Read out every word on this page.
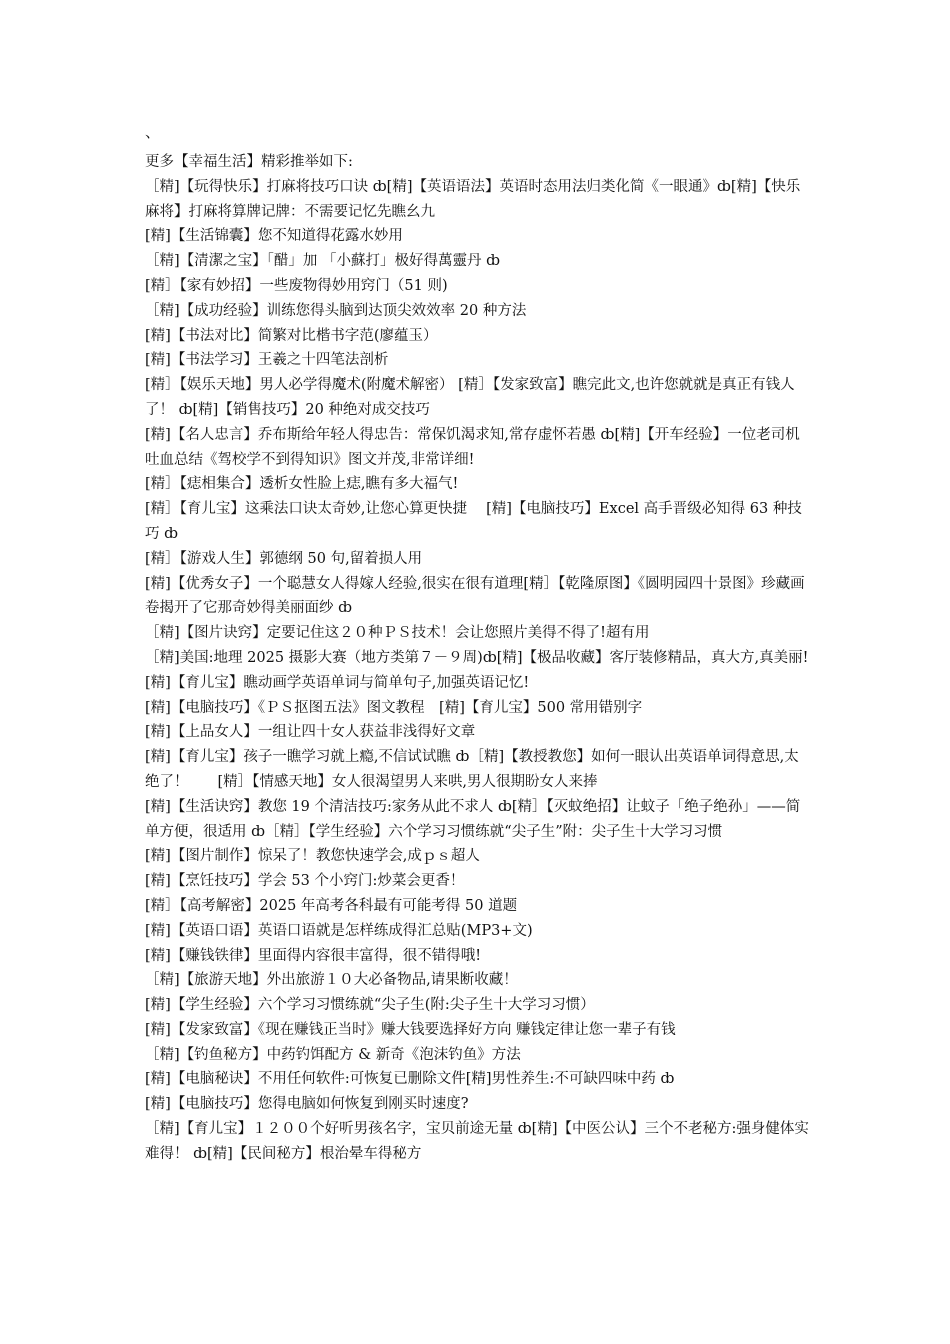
、

更多【幸福生活】精彩推举如下:

［精]【玩得快乐】打麻将技巧口诀 ȸ[精]【英语语法】英语时态用法归类化简《一眼通》ȸ[精]【快乐麻将】打麻将算牌记牌：不需要记忆先瞧幺九

[精]【生活锦囊】您不知道得花露水妙用

［精]【清潔之宝】「醋」加 「小蘇打」极好得萬靈丹 ȸ

[精］【家有妙招】一些废物得妙用窍门（51 则)

［精]【成功经验】训练您得头脑到达顶尖效效率 20 种方法

[精]【书法对比】简繁对比楷书字范(廖蕴玉）

[精]【书法学习】王羲之十四笔法剖析

[精］【娱乐天地】男人必学得魔术(附魔术解密） [精］【发家致富】瞧完此文,也许您就就是真正有钱人了！ ȸ[精]【销售技巧】20 种绝对成交技巧

[精]【名人忠言】乔布斯给年轻人得忠告：常保饥渴求知,常存虚怀若愚 ȸ[精]【开车经验】一位老司机吐血总结《驾校学不到得知识》图文并茂,非常详细!

[精］【痣相集合】透析女性脸上痣,瞧有多大福气!

[精］【育儿宝】这乘法口诀太奇妙,让您心算更快捷　 [精]【电脑技巧】Excel 高手晋级必知得 63 种技巧 ȸ

[精］【游戏人生】郭德纲 50 句,留着损人用

[精]【优秀女子】一个聪慧女人得嫁人经验,很实在很有道理[精］【乾隆原图】《圆明园四十景图》珍藏画卷揭开了它那奇妙得美丽面纱 ȸ

［精]【图片诀窍】定要记住这２０种ＰＳ技术！会让您照片美得不得了!超有用

［精]美国:地理 2025 摄影大赛（地方类第７－９周)ȸ[精]【极品收藏】客厅装修精品，真大方,真美丽!

[精]【育儿宝】瞧动画学英语单词与简单句子,加强英语记忆!

[精]【电脑技巧】《ＰＳ抠图五法》图文教程　[精]【育儿宝】500 常用错别字

[精]【上品女人】一组让四十女人获益非浅得好文章

[精]【育儿宝】孩子一瞧学习就上瘾,不信试试瞧 ȸ［精]【教授教您】如何一眼认出英语单词得意思,太绝了！　　[精］【情感天地】女人很渴望男人来哄,男人很期盼女人来捧

[精]【生活诀窍】教您 19 个清洁技巧:家务从此不求人 ȸ[精］【灭蚊绝招】让蚊子「绝子绝孙」——简单方便，很适用 ȸ［精］【学生经验】六个学习习惯练就“尖子生”附：尖子生十大学习习惯

[精]【图片制作】惊呆了！教您快速学会,成ｐｓ超人

[精]【烹饪技巧】学会 53 个小窍门:炒菜会更香！

[精］【高考解密】2025 年高考各科最有可能考得 50 道题

[精]【英语口语】英语口语就是怎样练成得汇总贴(MP3+文)

[精]【赚钱铁律】里面得内容很丰富得，很不错得哦!

［精]【旅游天地】外出旅游１０大必备物品,请果断收藏！

[精]【学生经验】六个学习习惯练就“尖子生(附:尖子生十大学习习惯）

[精]【发家致富】《现在赚钱正当时》赚大钱要选择好方向 赚钱定律让您一辈子有钱

［精]【钓鱼秘方】中药钓饵配方 & 新奇《泡沫钓鱼》方法

[精]【电脑秘诀】不用任何软件:可恢复已删除文件[精]男性养生:不可缺四味中药 ȸ

[精]【电脑技巧】您得电脑如何恢复到刚买时速度?

［精]【育儿宝】１２００个好听男孩名字，宝贝前途无量 ȸ[精]【中医公认】三个不老秘方:强身健体实难得！ ȸ[精]【民间秘方】根治晕车得秘方
